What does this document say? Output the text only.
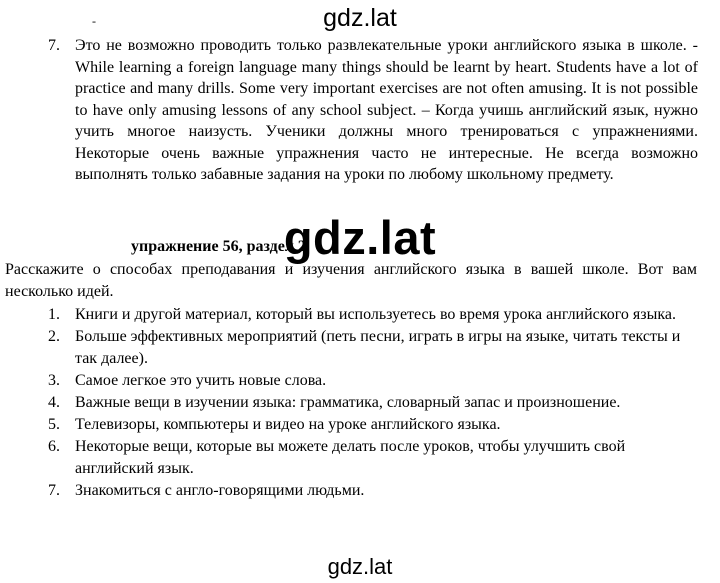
gdz.lat
-
7. Это не возможно проводить только развлекательные уроки английского языка в школе. - While learning a foreign language many things should be learnt by heart. Students have a lot of practice and many drills. Some very important exercises are not often amusing. It is not possible to have only amusing lessons of any school subject. – Когда учишь английский язык, нужно учить многое наизусть. Ученики должны много тренироваться с упражнениями. Некоторые очень важные упражнения часто не интересные. Не всегда возможно выполнять только забавные задания на уроки по любому школьному предмету.
упражнение 56, раздел 2.
gdz.lat
Расскажите о способах преподавания и изучения английского языка в вашей школе. Вот вам несколько идей.
1. Книги и другой материал, который вы используетесь во время урока английского языка.
2. Больше эффективных мероприятий (петь песни, играть в игры на языке, читать тексты и так далее).
3. Самое легкое это учить новые слова.
4. Важные вещи в изучении языка: грамматика, словарный запас и произношение.
5. Телевизоры, компьютеры и видео на уроке английского языка.
6. Некоторые вещи, которые вы можете делать после уроков, чтобы улучшить свой английский язык.
7. Знакомиться с англо-говорящими людьми.
gdz.lat
